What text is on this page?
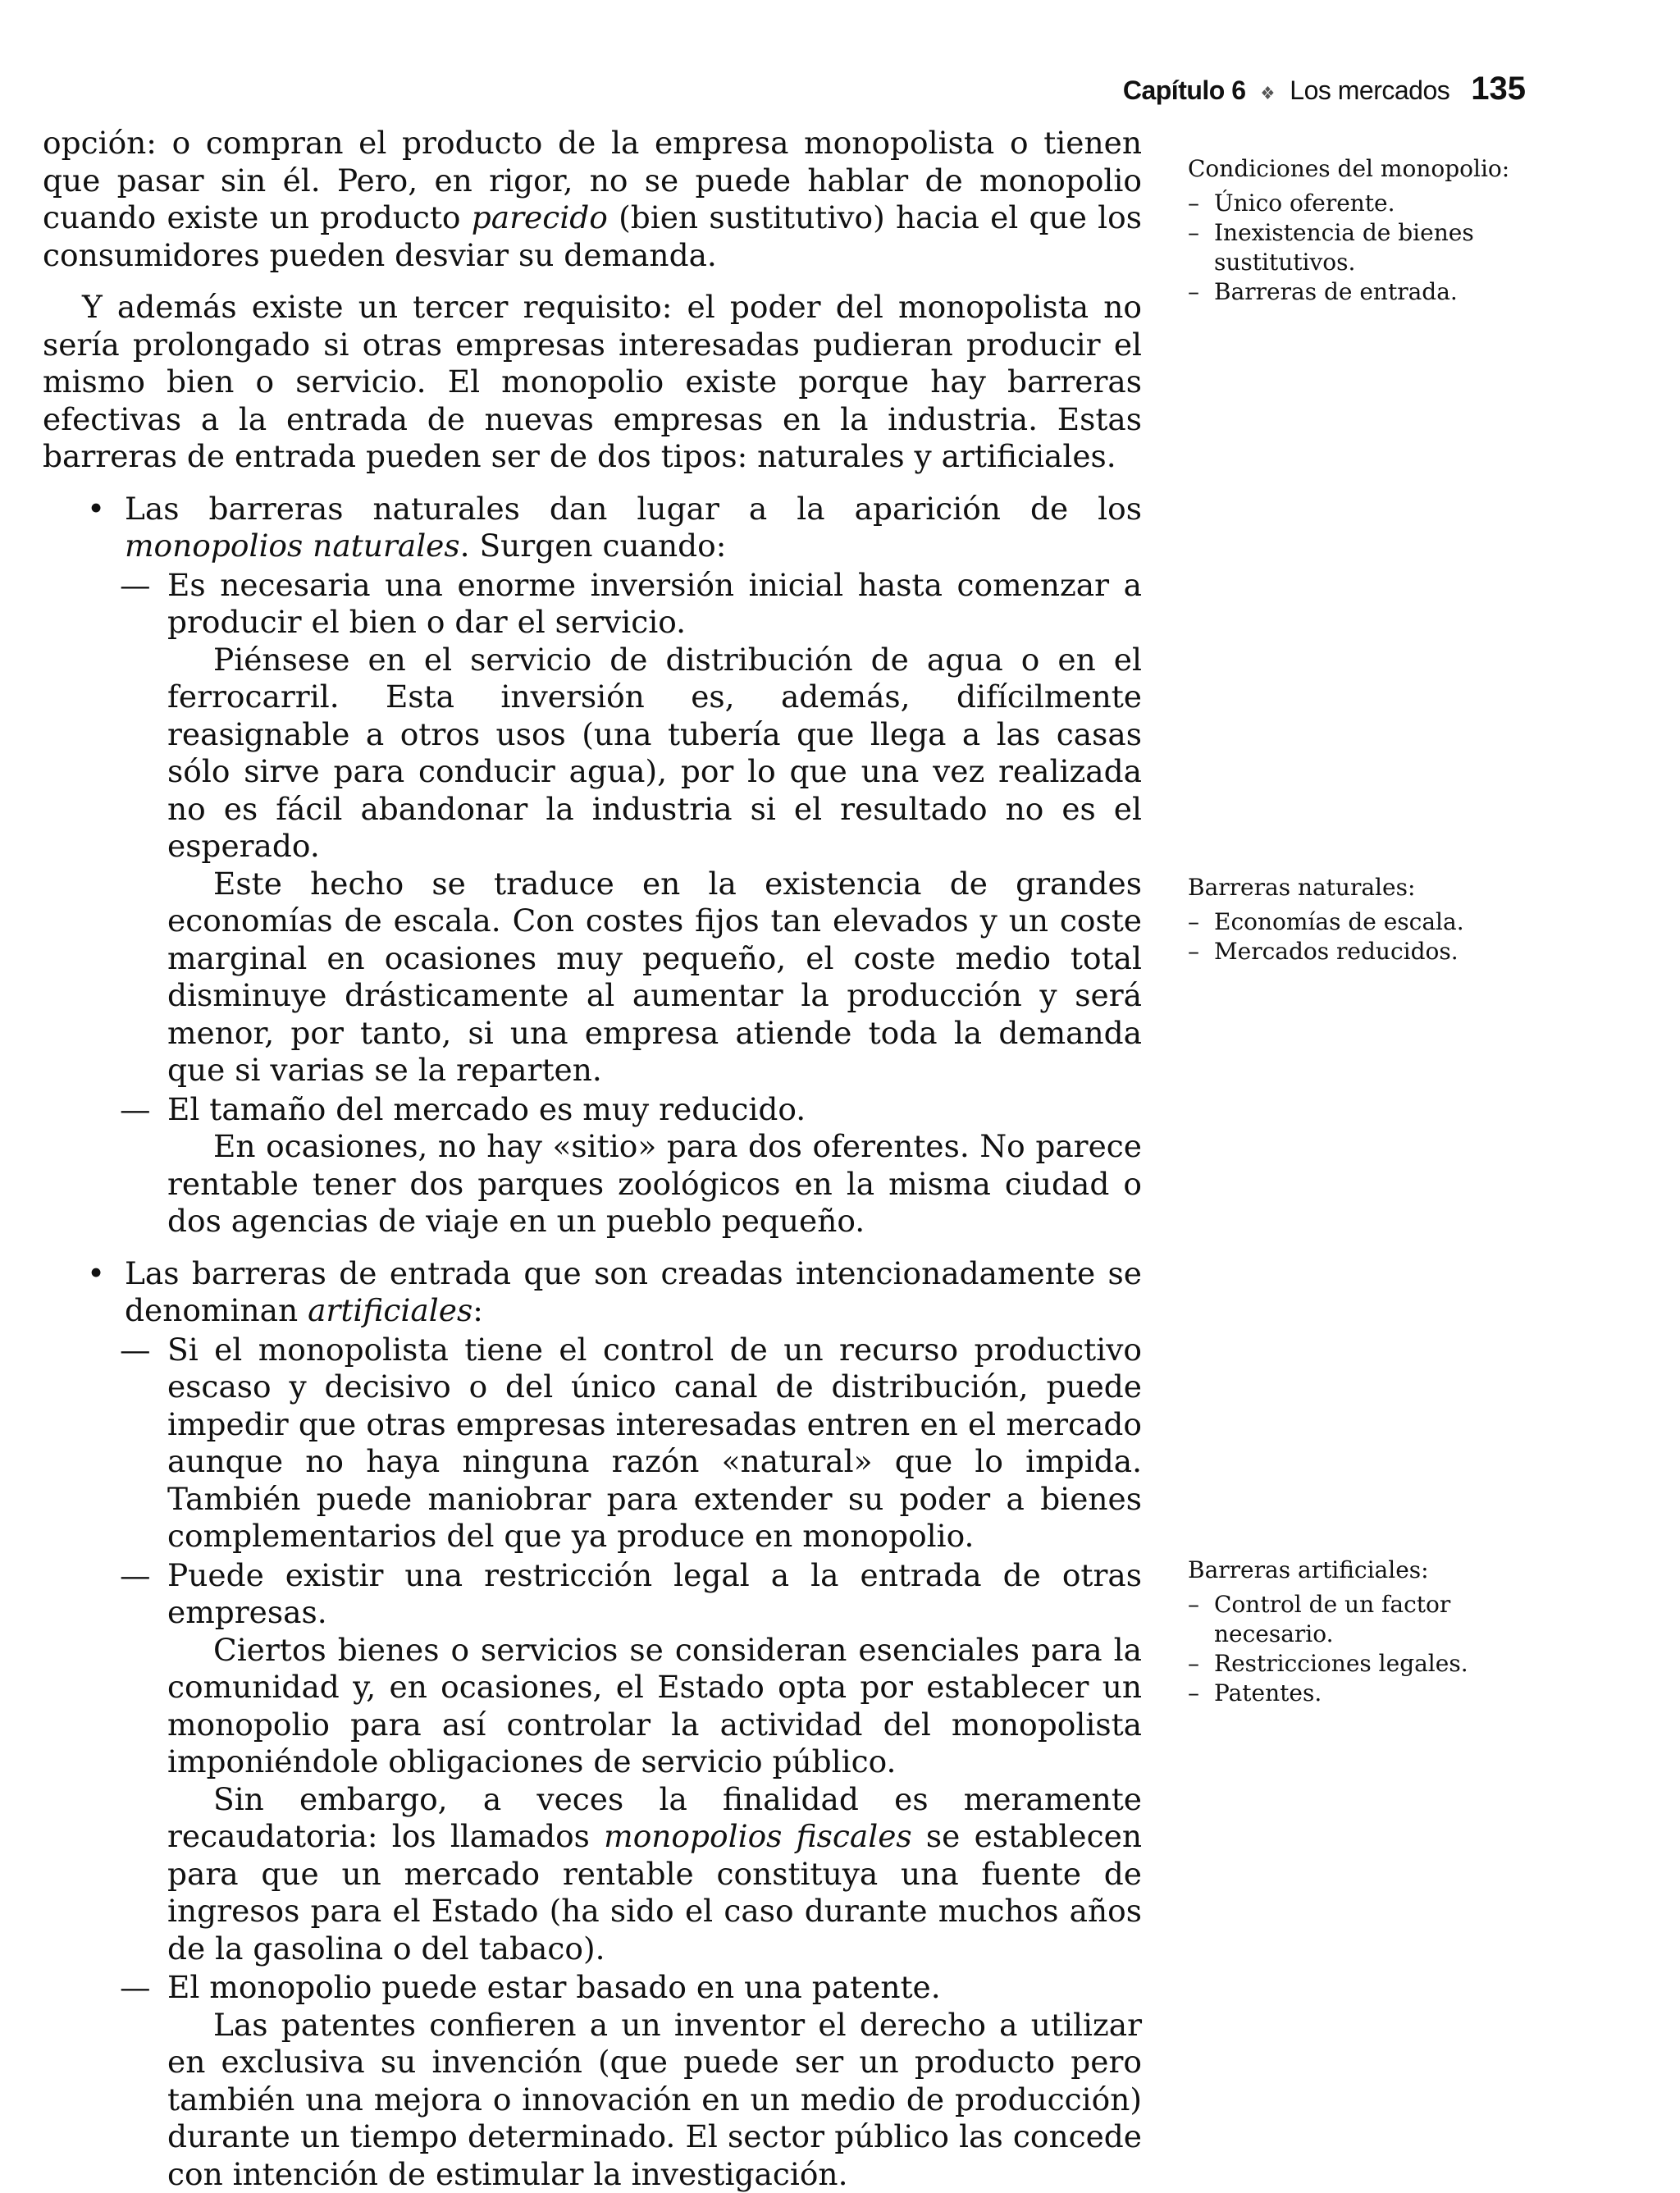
Capítulo 6 ❖ Los mercados 135

opción: o compran el producto de la empresa monopolista o tienen que pasar sin él. Pero, en rigor, no se puede hablar de monopolio cuando existe un producto parecido (bien sustitutivo) hacia el que los consumidores pueden desviar su demanda.

Y además existe un tercer requisito: el poder del monopolista no sería prolongado si otras empresas interesadas pudieran producir el mismo bien o servicio. El monopolio existe porque hay barreras efectivas a la entrada de nuevas empresas en la industria. Estas barreras de entrada pueden ser de dos tipos: naturales y artificiales.

• Las barreras naturales dan lugar a la aparición de los monopolios naturales. Surgen cuando:
— Es necesaria una enorme inversión inicial hasta comenzar a producir el bien o dar el servicio.

Piénsese en el servicio de distribución de agua o en el ferrocarril. Esta inversión es, además, difícilmente reasignable a otros usos (una tubería que llega a las casas sólo sirve para conducir agua), por lo que una vez realizada no es fácil abandonar la industria si el resultado no es el esperado.

Este hecho se traduce en la existencia de grandes economías de escala. Con costes fijos tan elevados y un coste marginal en ocasiones muy pequeño, el coste medio total disminuye drásticamente al aumentar la producción y será menor, por tanto, si una empresa atiende toda la demanda que si varias se la reparten.

— El tamaño del mercado es muy reducido.

En ocasiones, no hay «sitio» para dos oferentes. No parece rentable tener dos parques zoológicos en la misma ciudad o dos agencias de viaje en un pueblo pequeño.

• Las barreras de entrada que son creadas intencionadamente se denominan artificiales:
— Si el monopolista tiene el control de un recurso productivo escaso y decisivo o del único canal de distribución, puede impedir que otras empresas interesadas entren en el mercado aunque no haya ninguna razón «natural» que lo impida. También puede maniobrar para extender su poder a bienes complementarios del que ya produce en monopolio.
— Puede existir una restricción legal a la entrada de otras empresas.

Ciertos bienes o servicios se consideran esenciales para la comunidad y, en ocasiones, el Estado opta por establecer un monopolio para así controlar la actividad del monopolista imponiéndole obligaciones de servicio público.

Sin embargo, a veces la finalidad es meramente recaudatoria: los llamados monopolios fiscales se establecen para que un mercado rentable constituya una fuente de ingresos para el Estado (ha sido el caso durante muchos años de la gasolina o del tabaco).

— El monopolio puede estar basado en una patente.

Las patentes confieren a un inventor el derecho a utilizar en exclusiva su invención (que puede ser un producto pero también una mejora o innovación en un medio de producción) durante un tiempo determinado. El sector público las concede con intención de estimular la investigación.

Condiciones del monopolio:

– Único oferente.
– Inexistencia de bienes sustitutivos.
– Barreras de entrada.

Barreras naturales:

– Economías de escala.
– Mercados reducidos.

Barreras artificiales:

– Control de un factor necesario.
– Restricciones legales.
– Patentes.
